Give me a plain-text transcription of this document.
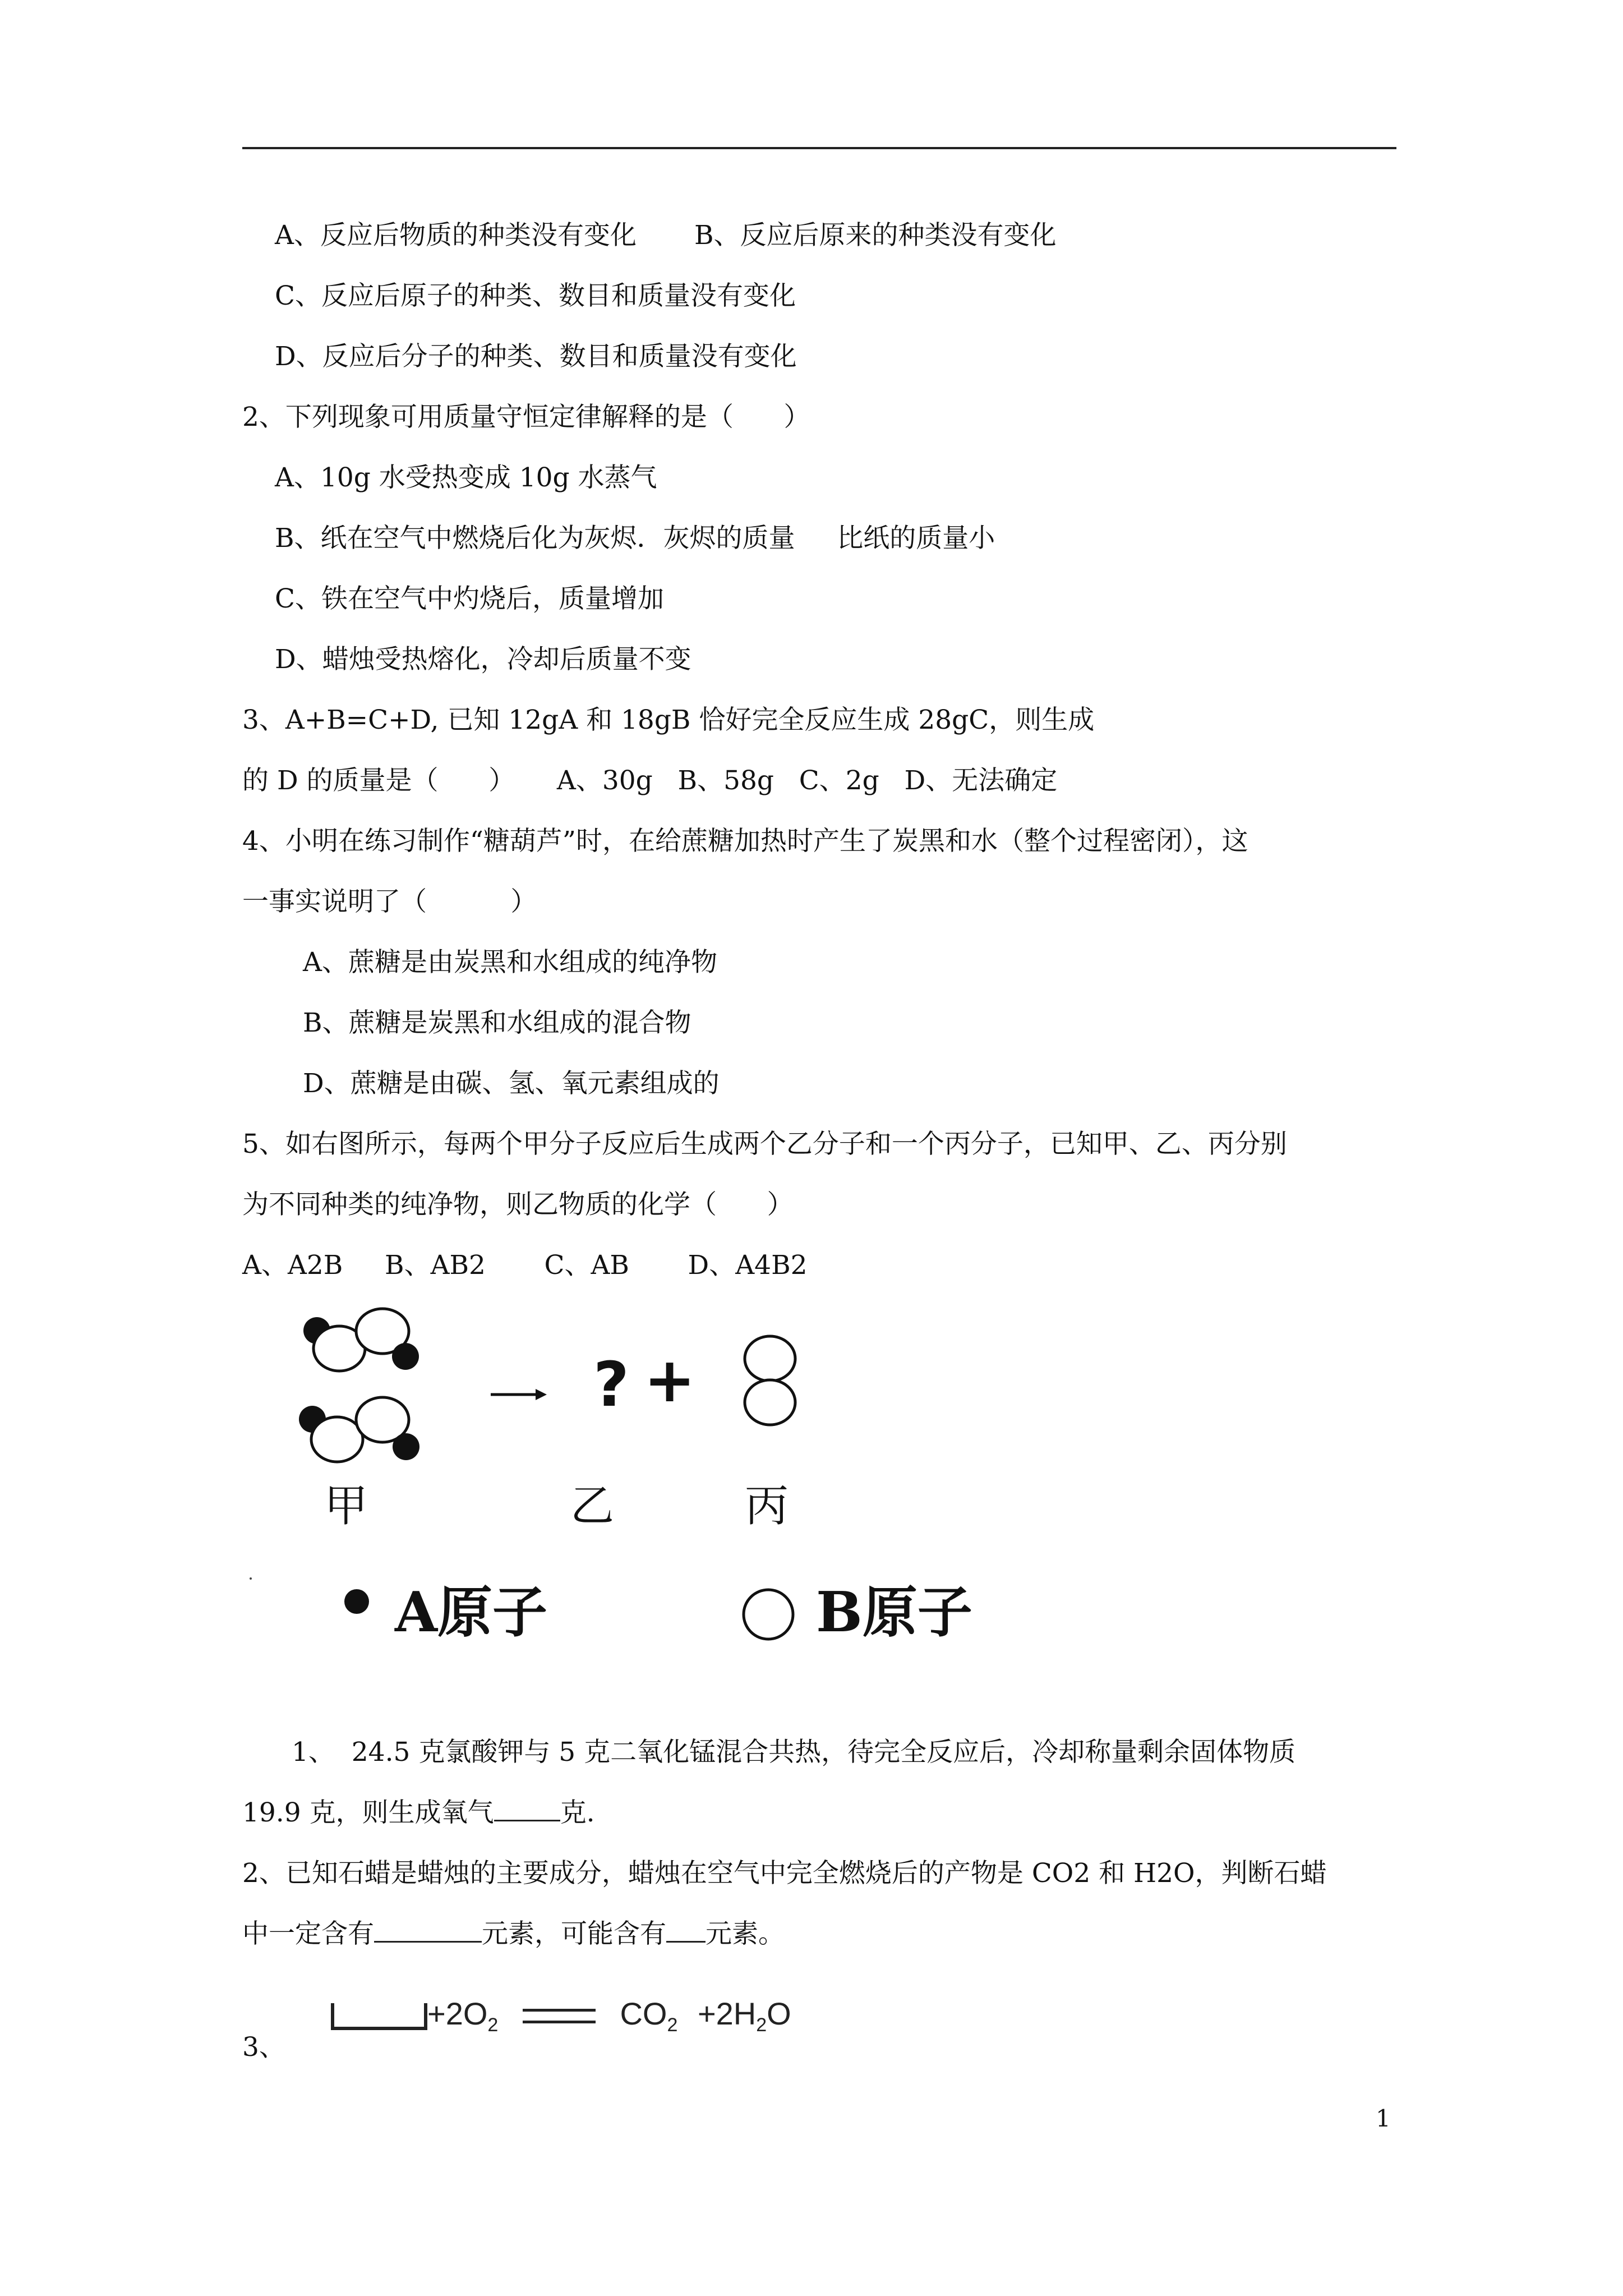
A、反应后物质的种类没有变化 B、反应后原来的种类没有变化
C、反应后原子的种类、数目和质量没有变化
D、反应后分子的种类、数目和质量没有变化
2、下列现象可用质量守恒定律解释的是（      ）
A、10g 水受热变成 10g 水蒸气
B、纸在空气中燃烧后化为灰烬．灰烬的质量     比纸的质量小
C、铁在空气中灼烧后，质量增加
D、蜡烛受热熔化，冷却后质量不变
3、A+B=C+D, 已知 12gA 和 18gB 恰好完全反应生成 28gC，则生成
的 D 的质量是（      ）     A、30g   B、58g   C、2g   D、无法确定
4、小明在练习制作“糖葫芦”时，在给蔗糖加热时产生了炭黑和水（整个过程密闭），这
一事实说明了（          ）
A、蔗糖是由炭黑和水组成的纯净物
B、蔗糖是炭黑和水组成的混合物
D、蔗糖是由碳、氢、氧元素组成的
5、如右图所示，每两个甲分子反应后生成两个乙分子和一个丙分子，已知甲、乙、丙分别
为不同种类的纯净物，则乙物质的化学（      ）
A、A2B     B、AB2       C、AB       D、A4B2
? +
甲	乙	丙
A原子	B原子
1、  24.5 克氯酸钾与 5 克二氧化锰混合共热，待完全反应后，冷却称量剩余固体物质
19.9 克，则生成氧气	克.
2、已知石蜡是蜡烛的主要成分，蜡烛在空气中完全燃烧后的产物是 CO2 和 H2O，判断石蜡
中一定含有	元素，可能含有 元素。
3、
$+2O_2$	$CO_2 +2H_2O$
1
